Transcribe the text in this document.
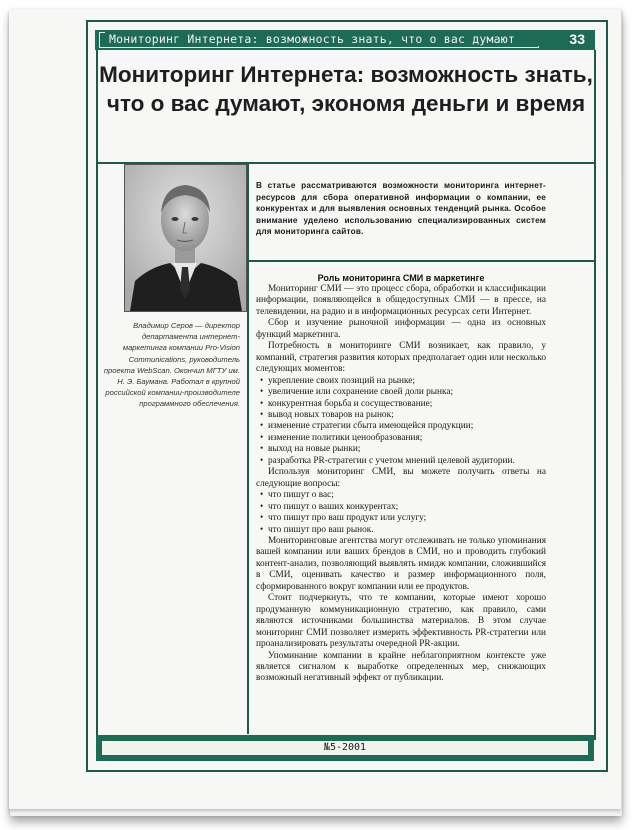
Мониторинг Интернета: возможность знать, что о вас думают	33
Мониторинг Интернета: возможность знать, что о вас думают, экономя деньги и время
Владимир Серов — директор департамента интернет-маркетинга компании Pro-Vision Communications, руководитель проекта WebScan. Окончил МГТУ им. Н. Э. Баумана. Работал в крупной российской компании-производителе программного обеспечения.
В статье рассматриваются возможности мониторинга интернет-ресурсов для сбора оперативной информации о компании, ее конкурентах и для выявления основных тенденций рынка. Особое внимание уделено использованию специализированных систем для мониторинга сайтов.
Роль мониторинга СМИ в маркетинге

Мониторинг СМИ — это процесс сбора, обработки и классификации информации, появляющейся в общедоступных СМИ — в прессе, на телевидении, на радио и в информационных ресурсах сети Интернет.

Сбор и изучение рыночной информации — одна из основных функций маркетинга.

Потребность в мониторинге СМИ возникает, как правило, у компаний, стратегия развития которых предполагает один или несколько следующих моментов:

• укрепление своих позиций на рынке;
• увеличение или сохранение своей доли рынка;
• конкурентная борьба и сосуществование;
• вывод новых товаров на рынок;
• изменение стратегии сбыта имеющейся продукции;
• изменение политики ценообразования;
• выход на новые рынки;
• разработка PR-стратегии с учетом мнений целевой аудитории.

Используя мониторинг СМИ, вы можете получить ответы на следующие вопросы:

• что пишут о вас;
• что пишут о ваших конкурентах;
• что пишут про ваш продукт или услугу;
• что пишут про ваш рынок.

Мониторинговые агентства могут отслеживать не только упоминания вашей компании или ваших брендов в СМИ, но и проводить глубокий контент-анализ, позволяющий выявлять имидж компании, сложившийся в СМИ, оценивать качество и размер информационного поля, сформированного вокруг компании или ее продуктов.

Стоит подчеркнуть, что те компании, которые имеют хорошо продуманную коммуникационную стратегию, как правило, сами являются источниками большинства материалов. В этом случае мониторинг СМИ позволяет измерить эффективность PR-стратегии или проанализировать результаты очередной PR-акции.

Упоминание компании в крайне неблагоприятном контексте уже является сигналом к выработке определенных мер, снижающих возможный негативный эффект от публикации.

№5-2001
